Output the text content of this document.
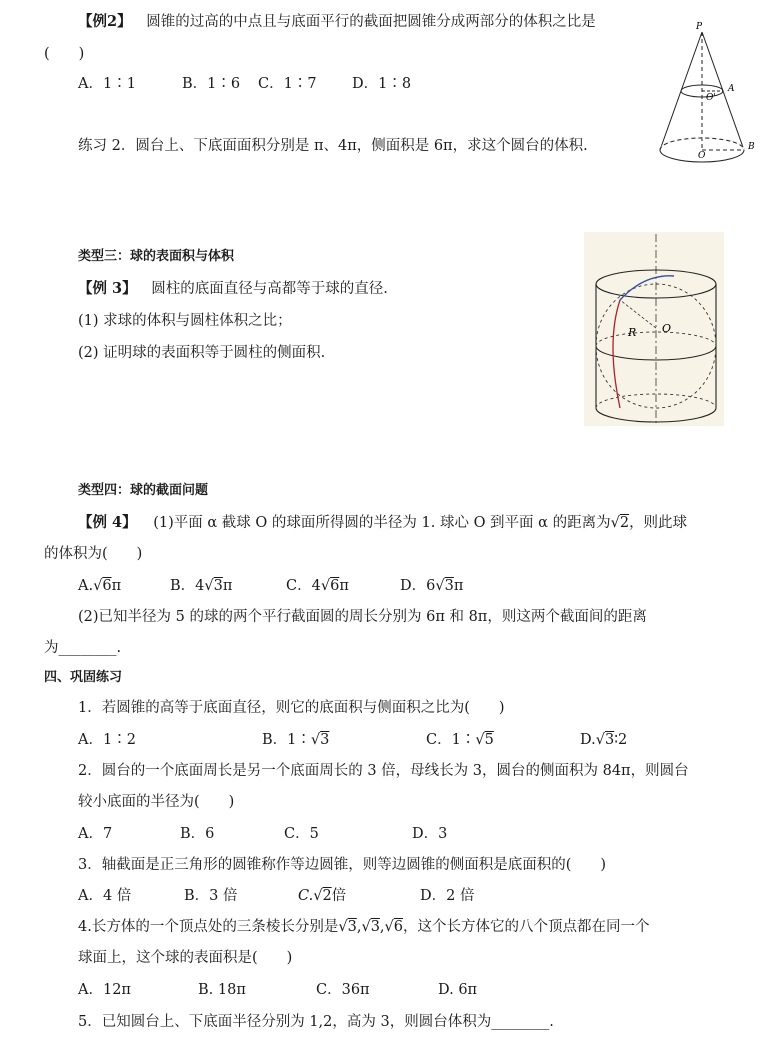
【例2】 圆锥的过高的中点且与底面平行的截面把圆锥分成两部分的体积之比是
(　　)
A．1∶1	B．1∶6 C．1∶7 D．1∶8
P
A
O'
O
B
练习 2．圆台上、下底面面积分别是 π、4π，侧面积是 6π，求这个圆台的体积.
类型三：球的表面积与体积
【例 3】 圆柱的底面直径与高都等于球的直径.
(1) 求球的体积与圆柱体积之比；
(2) 证明球的表面积等于圆柱的侧面积.
R O
类型四：球的截面问题
【例 4】 (1)平面 α 截球 O 的球面所得圆的半径为 1. 球心 O 到平面 α 的距离为√2，则此球
的体积为(　　)
A.√6π	B．4√3π	C．4√6π	D．6√3π
(2)已知半径为 5 的球的两个平行截面圆的周长分别为 6π 和 8π，则这两个截面间的距离
为________.
四、巩固练习
1．若圆锥的高等于底面直径，则它的底面积与侧面积之比为(　　)
A．1∶2	B．1∶√3	C．1∶√5	D.√3∶2
2．圆台的一个底面周长是另一个底面周长的 3 倍，母线长为 3，圆台的侧面积为 84π，则圆台
较小底面的半径为(　　)
A．7	B．6	C．5	D．3
3．轴截面是正三角形的圆锥称作等边圆锥，则等边圆锥的侧面积是底面积的(　　)
A．4 倍	B．3 倍	C.√2倍	D．2 倍
4.长方体的一个顶点处的三条棱长分别是√3,√3,√6，这个长方体它的八个顶点都在同一个
球面上，这个球的表面积是(　　)
A．12π	B. 18π	C．36π	D. 6π
5．已知圆台上、下底面半径分别为 1,2，高为 3，则圆台体积为________.
